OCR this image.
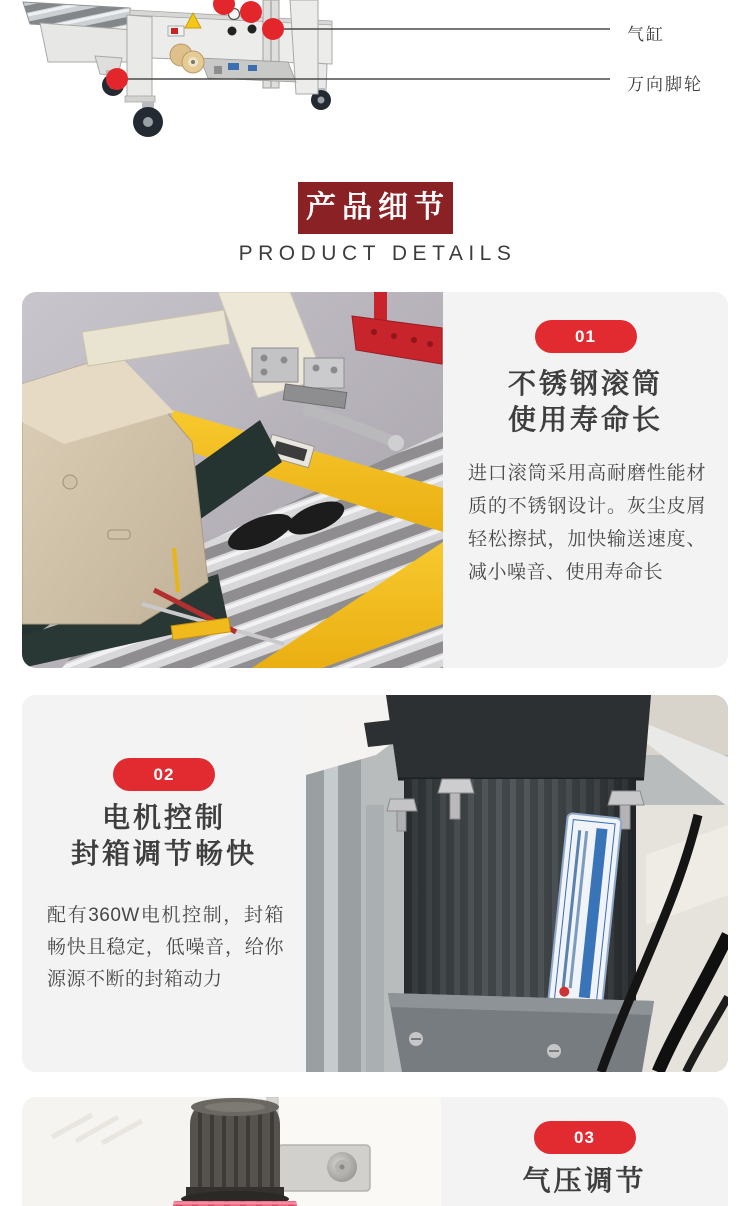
气缸
万向脚轮
产品细节
PRODUCT DETAILS
01
不锈钢滚筒
使用寿命长

进口滚筒采用高耐磨性能材质的不锈钢设计。灰尘皮屑轻松擦拭，加快输送速度、减小噪音、使用寿命长

02
电机控制
封箱调节畅快

配有360W电机控制，封箱畅快且稳定，低噪音，给你源源不断的封箱动力

03
气压调节
